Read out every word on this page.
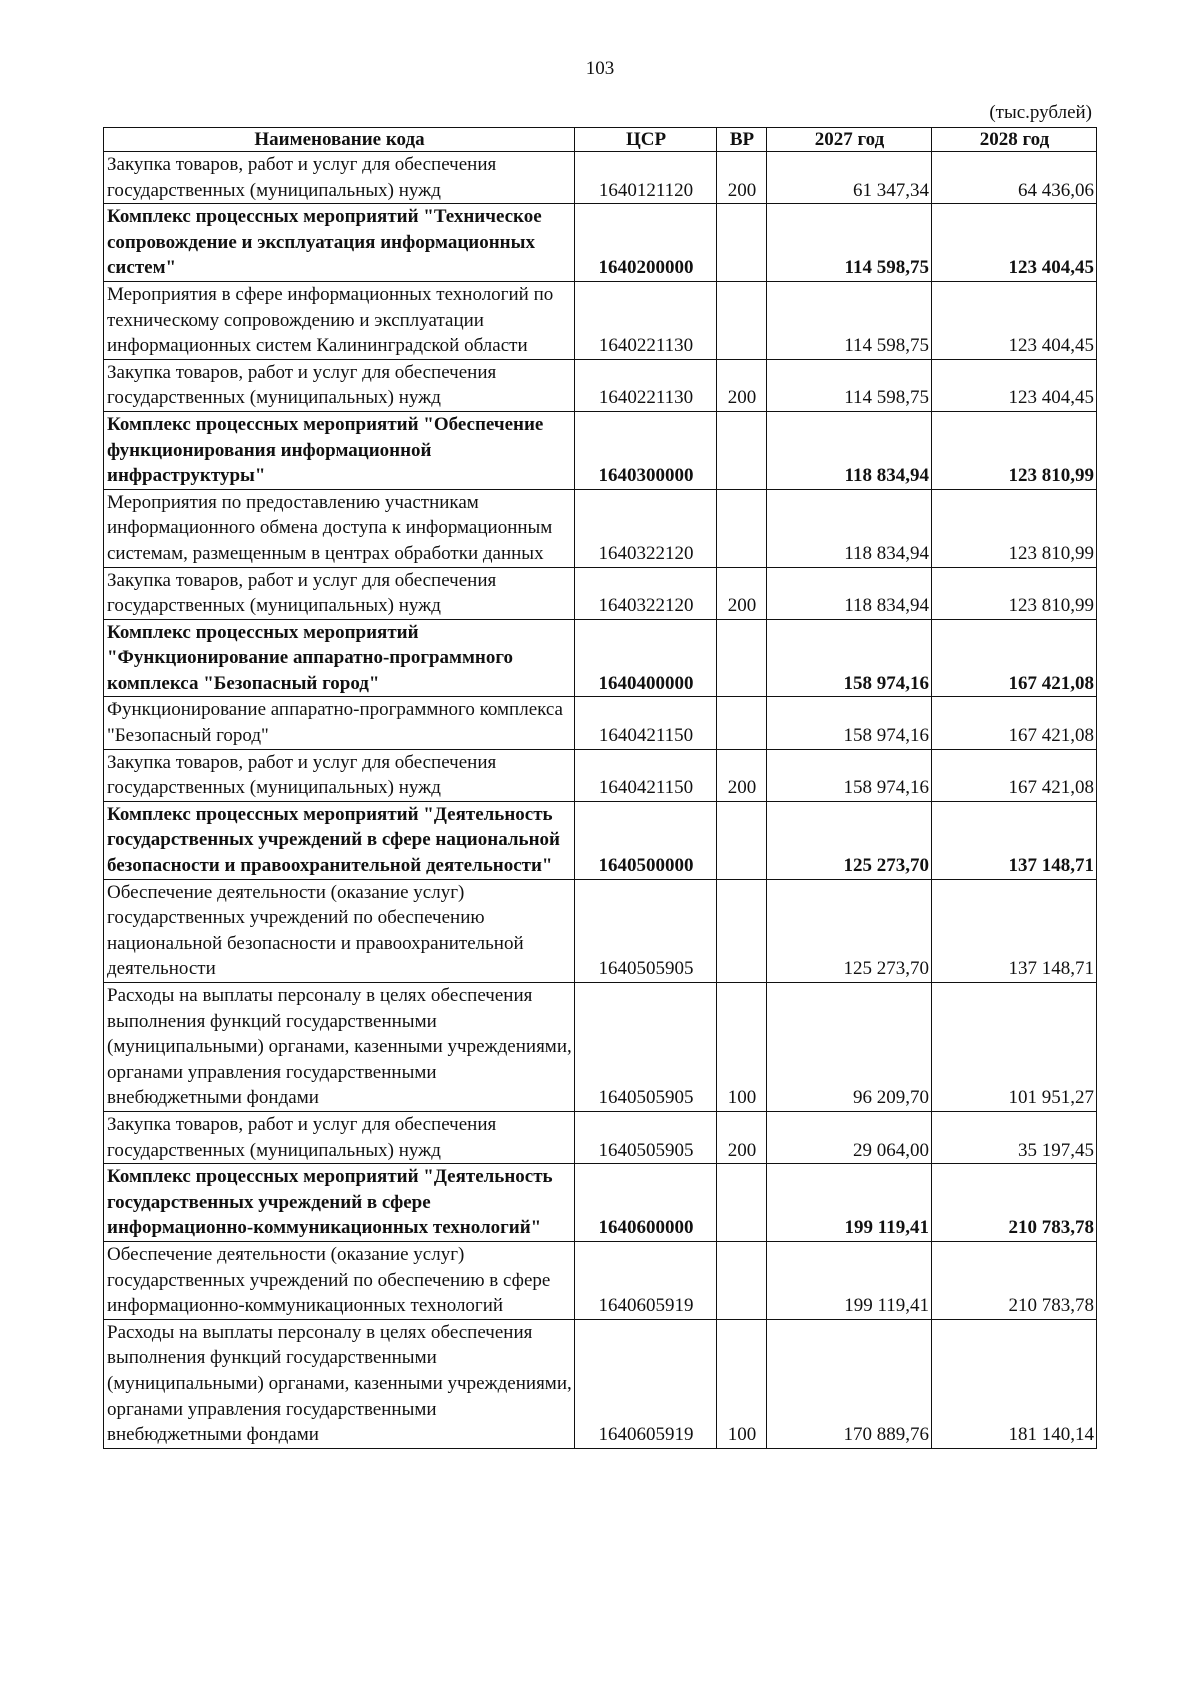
103
(тыс.рублей)
Наименование кода	ЦСР	ВР	2027 год	2028 год
Закупка товаров, работ и услуг для обеспечения государственных (муниципальных) нужд	1640121120	200	61 347,34	64 436,06
Комплекс процессных мероприятий "Техническое сопровождение и эксплуатация информационных систем"	1640200000		114 598,75	123 404,45
Мероприятия в сфере информационных технологий по техническому сопровождению и эксплуатации информационных систем Калининградской области	1640221130		114 598,75	123 404,45
Закупка товаров, работ и услуг для обеспечения государственных (муниципальных) нужд	1640221130	200	114 598,75	123 404,45
Комплекс процессных мероприятий "Обеспечение функционирования информационной инфраструктуры"	1640300000		118 834,94	123 810,99
Мероприятия по предоставлению участникам информационного обмена доступа к информационным системам, размещенным в центрах обработки данных	1640322120		118 834,94	123 810,99
Закупка товаров, работ и услуг для обеспечения государственных (муниципальных) нужд	1640322120	200	118 834,94	123 810,99
Комплекс процессных мероприятий "Функционирование аппаратно-программного комплекса "Безопасный город"	1640400000		158 974,16	167 421,08
Функционирование аппаратно-программного комплекса "Безопасный город"	1640421150		158 974,16	167 421,08
Закупка товаров, работ и услуг для обеспечения государственных (муниципальных) нужд	1640421150	200	158 974,16	167 421,08
Комплекс процессных мероприятий "Деятельность государственных учреждений в сфере национальной безопасности и правоохранительной деятельности"	1640500000		125 273,70	137 148,71
Обеспечение деятельности (оказание услуг) государственных учреждений по обеспечению национальной безопасности и правоохранительной деятельности	1640505905		125 273,70	137 148,71
Расходы на выплаты персоналу в целях обеспечения выполнения функций государственными (муниципальными) органами, казенными учреждениями, органами управления государственными внебюджетными фондами	1640505905	100	96 209,70	101 951,27
Закупка товаров, работ и услуг для обеспечения государственных (муниципальных) нужд	1640505905	200	29 064,00	35 197,45
Комплекс процессных мероприятий "Деятельность государственных учреждений в сфере информационно-коммуникационных технологий"	1640600000		199 119,41	210 783,78
Обеспечение деятельности (оказание услуг) государственных учреждений по обеспечению в сфере информационно-коммуникационных технологий	1640605919		199 119,41	210 783,78
Расходы на выплаты персоналу в целях обеспечения выполнения функций государственными (муниципальными) органами, казенными учреждениями, органами управления государственными внебюджетными фондами	1640605919	100	170 889,76	181 140,14
